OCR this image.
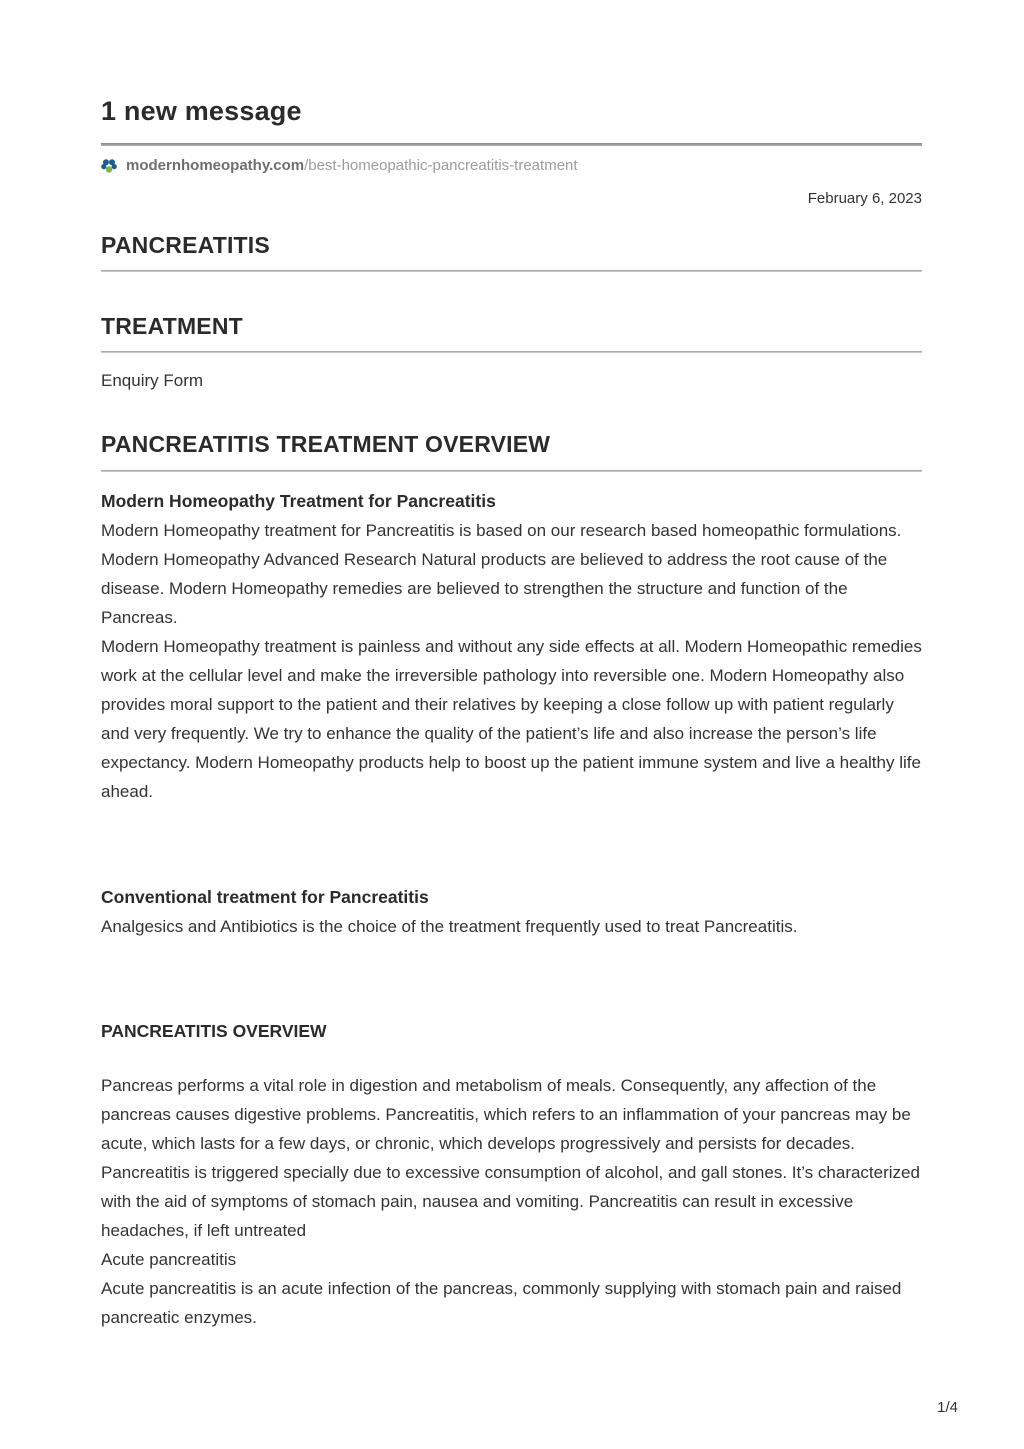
1 new message
modernhomeopathy.com /best-homeopathic-pancreatitis-treatment
February 6, 2023
PANCREATITIS
TREATMENT
Enquiry Form
PANCREATITIS TREATMENT OVERVIEW
Modern Homeopathy Treatment for Pancreatitis

Modern Homeopathy treatment for Pancreatitis is based on our research based homeopathic formulations. Modern Homeopathy Advanced Research Natural products are believed to address the root cause of the disease. Modern Homeopathy remedies are believed to strengthen the structure and function of the Pancreas.

Modern Homeopathy treatment is painless and without any side effects at all. Modern Homeopathic remedies work at the cellular level and make the irreversible pathology into reversible one. Modern Homeopathy also provides moral support to the patient and their relatives by keeping a close follow up with patient regularly and very frequently. We try to enhance the quality of the patient’s life and also increase the person’s life expectancy. Modern Homeopathy products help to boost up the patient immune system and live a healthy life ahead.

Conventional treatment for Pancreatitis

Analgesics and Antibiotics is the choice of the treatment frequently used to treat Pancreatitis.

PANCREATITIS OVERVIEW

Pancreas performs a vital role in digestion and metabolism of meals. Consequently, any affection of the pancreas causes digestive problems. Pancreatitis, which refers to an inflammation of your pancreas may be acute, which lasts for a few days, or chronic, which develops progressively and persists for decades. Pancreatitis is triggered specially due to excessive consumption of alcohol, and gall stones. It’s characterized with the aid of symptoms of stomach pain, nausea and vomiting. Pancreatitis can result in excessive headaches, if left untreated

Acute pancreatitis

Acute pancreatitis is an acute infection of the pancreas, commonly supplying with stomach pain and raised pancreatic enzymes.

1/4
